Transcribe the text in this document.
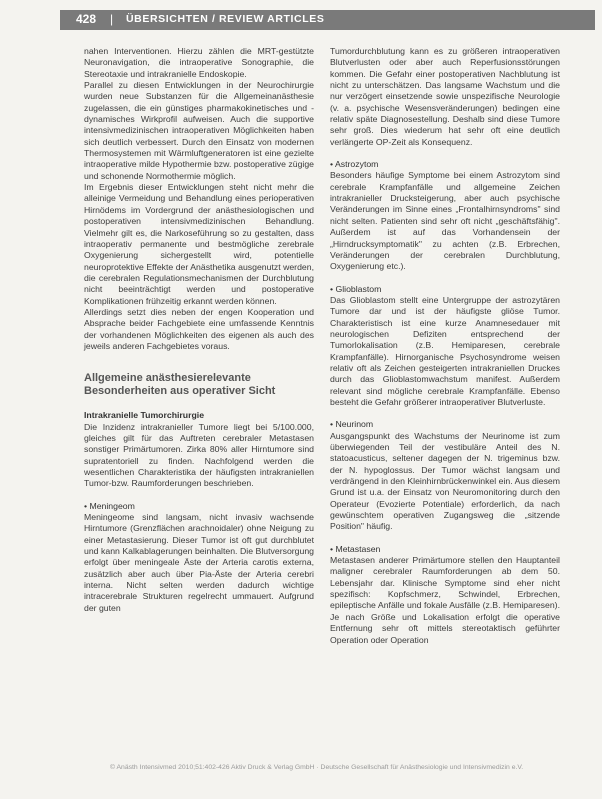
428 | ÜBERSICHTEN / REVIEW ARTICLES

nahen Interventionen. Hierzu zählen die MRT-gestützte Neuronavigation, die intraoperative Sonographie, die Stereotaxie und intrakranielle Endoskopie.

Parallel zu diesen Entwicklungen in der Neurochirurgie wurden neue Substanzen für die Allgemeinanästhesie zugelassen, die ein günstiges pharmakokinetisches und -dynamisches Wirkprofil aufweisen. Auch die supportive intensivmedizinischen intraoperativen Möglichkeiten haben sich deutlich verbessert. Durch den Einsatz von modernen Thermosystemen mit Wärmluftgeneratoren ist eine gezielte intraoperative milde Hypothermie bzw. postoperative zügige und schonende Normothermie möglich.

Im Ergebnis dieser Entwicklungen steht nicht mehr die alleinige Vermeidung und Behandlung eines perioperativen Hirnödems im Vordergrund der anästhesiologischen und postoperativen intensivmedizinischen Behandlung. Vielmehr gilt es, die Narkoseführung so zu gestalten, dass intraoperativ permanente und bestmögliche zerebrale Oxygenierung sichergestellt wird, potentielle neuroprotektive Effekte der Anästhetika ausgenutzt werden, die cerebralen Regulationsmechanismen der Durchblutung nicht beeinträchtigt werden und postoperative Komplikationen frühzeitig erkannt werden können.

Allerdings setzt dies neben der engen Kooperation und Absprache beider Fachgebiete eine umfassende Kenntnis der vorhandenen Möglichkeiten des eigenen als auch des jeweils anderen Fachgebietes voraus.

Allgemeine anästhesierelevante Besonderheiten aus operativer Sicht

Intrakranielle Tumorchirurgie

Die Inzidenz intrakranieller Tumore liegt bei 5/100.000, gleiches gilt für das Auftreten cerebraler Metastasen sonstiger Primärtumoren. Zirka 80% aller Hirntumore sind supratentoriell zu finden. Nachfolgend werden die wesentlichen Charakteristika der häufigsten intrakraniellen Tumor-bzw. Raumforderungen beschrieben.

• Meningeom

Meningeome sind langsam, nicht invasiv wachsende Hirntumore (Grenzflächen arachnoidaler) ohne Neigung zu einer Metastasierung. Dieser Tumor ist oft gut durchblutet und kann Kalkablagerungen beinhalten. Die Blutversorgung erfolgt über meningeale Äste der Arteria carotis externa, zusätzlich aber auch über Pia-Äste der Arteria cerebri interna. Nicht selten werden dadurch wichtige intracerebrale Strukturen regelrecht ummauert. Aufgrund der guten

Tumordurchblutung kann es zu größeren intraoperativen Blutverlusten oder aber auch Reperfusionsstörungen kommen. Die Gefahr einer postoperativen Nachblutung ist nicht zu unterschätzen. Das langsame Wachstum und die nur verzögert einsetzende sowie unspezifische Neurologie (v. a. psychische Wesensveränderungen) bedingen eine relativ späte Diagnosestellung. Deshalb sind diese Tumore sehr groß. Dies wiederum hat sehr oft eine deutlich verlängerte OP-Zeit als Konsequenz.

• Astrozytom

Besonders häufige Symptome bei einem Astrozytom sind cerebrale Krampfanfälle und allgemeine Zeichen intrakranieller Drucksteigerung, aber auch psychische Veränderungen im Sinne eines „Frontalhirnsyndroms" sind nicht selten. Patienten sind sehr oft nicht „geschäftsfähig". Außerdem ist auf das Vorhandensein der „Hirndrucksymptomatik" zu achten (z.B. Erbrechen, Veränderungen der cerebralen Durchblutung, Oxygenierung etc.).

• Glioblastom

Das Glioblastom stellt eine Untergruppe der astrozytären Tumore dar und ist der häufigste gliöse Tumor. Charakteristisch ist eine kurze Anamnesedauer mit neurologischen Defiziten entsprechend der Tumorlokalisation (z.B. Hemiparesen, cerebrale Krampfanfälle). Hirnorganische Psychosyndrome weisen relativ oft als Zeichen gesteigerten intrakraniellen Druckes durch das Glioblastomwachstum manifest. Außerdem relevant sind mögliche cerebrale Krampfanfälle. Ebenso besteht die Gefahr größerer intraoperativer Blutverluste.

• Neurinom

Ausgangspunkt des Wachstums der Neurinome ist zum überwiegenden Teil der vestibuläre Anteil des N. statoacusticus, seltener dagegen der N. trigeminus bzw. der N. hypoglossus. Der Tumor wächst langsam und verdrängend in den Kleinhirnbrückenwinkel ein. Aus diesem Grund ist u.a. der Einsatz von Neuromonitoring durch den Operateur (Evozierte Potentiale) erforderlich, da nach gewünschtem operativen Zugangsweg die „sitzende Position" häufig.

• Metastasen

Metastasen anderer Primärtumore stellen den Hauptanteil maligner cerebraler Raumforderungen ab dem 50. Lebensjahr dar. Klinische Symptome sind eher nicht spezifisch: Kopfschmerz, Schwindel, Erbrechen, epileptische Anfälle und fokale Ausfälle (z.B. Hemiparesen). Je nach Größe und Lokalisation erfolgt die operative Entfernung sehr oft mittels stereotaktisch geführter Operation oder Operation

© Anästh Intensivmed 2010;51:402-426 Aktiv Druck & Verlag GmbH · Deutsche Gesellschaft für Anästhesiologie und Intensivmedizin e.V.
